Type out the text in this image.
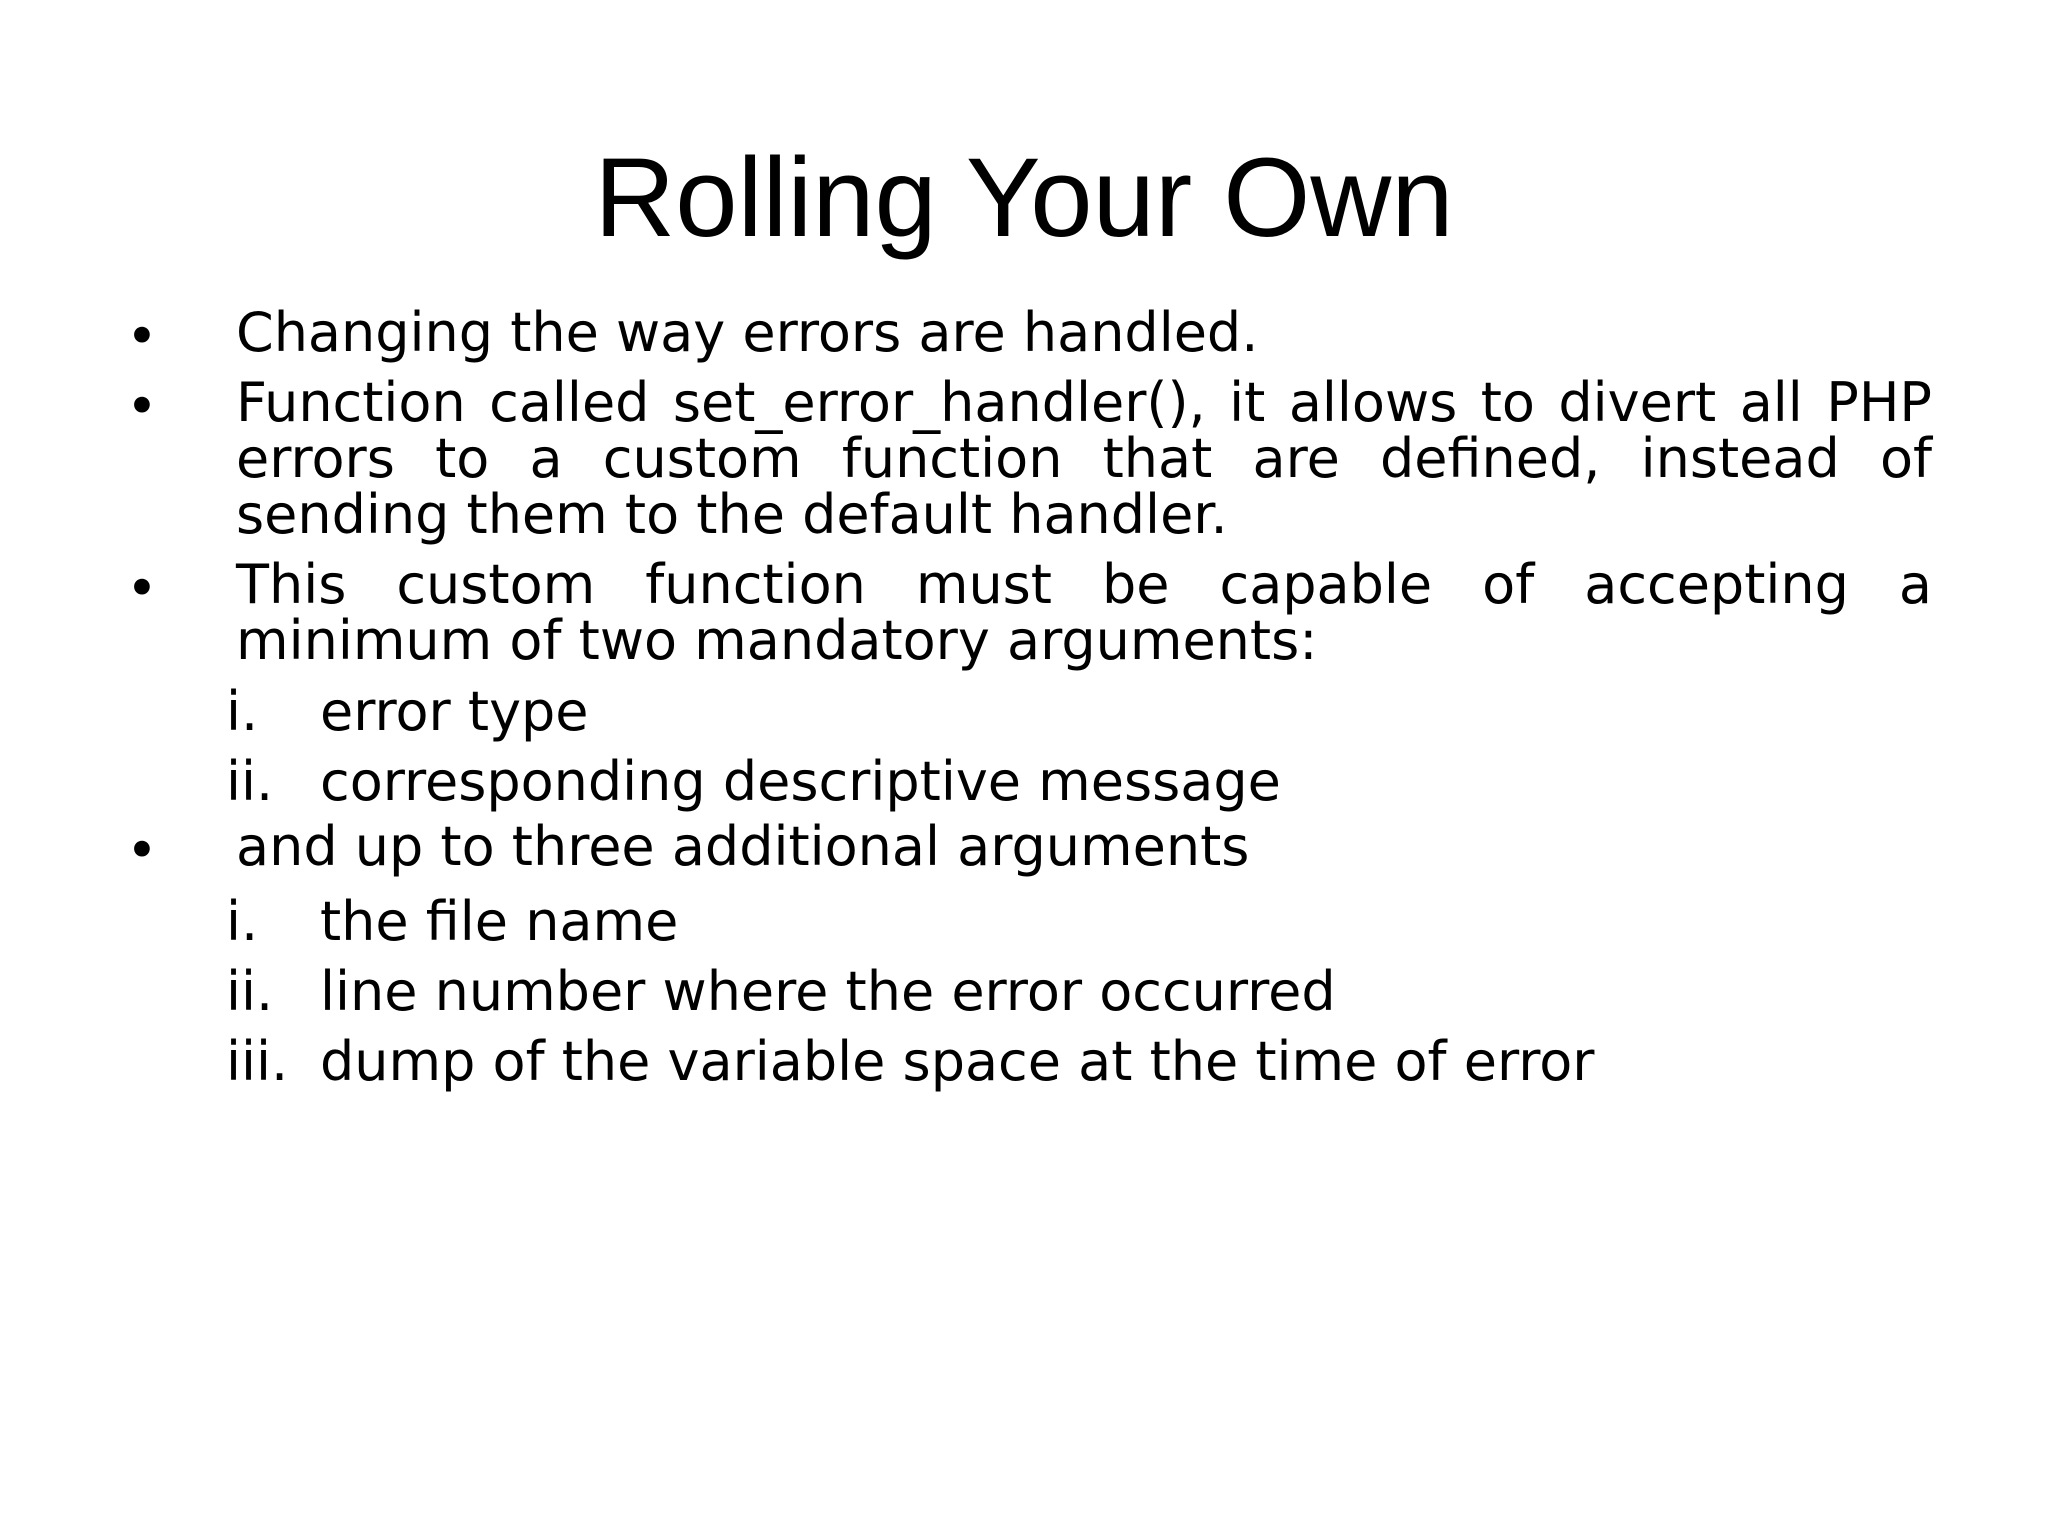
Rolling Your Own
• Changing the way errors are handled.
• Function called set_error_handler(), it allows to divert all PHP errors to a custom function that are defined, instead of sending them to the default handler.
• This custom function must be capable of accepting a minimum of two mandatory arguments:
i. error type
ii. corresponding descriptive message
• and up to three additional arguments
i. the file name
ii. line number where the error occurred
iii. dump of the variable space at the time of error
